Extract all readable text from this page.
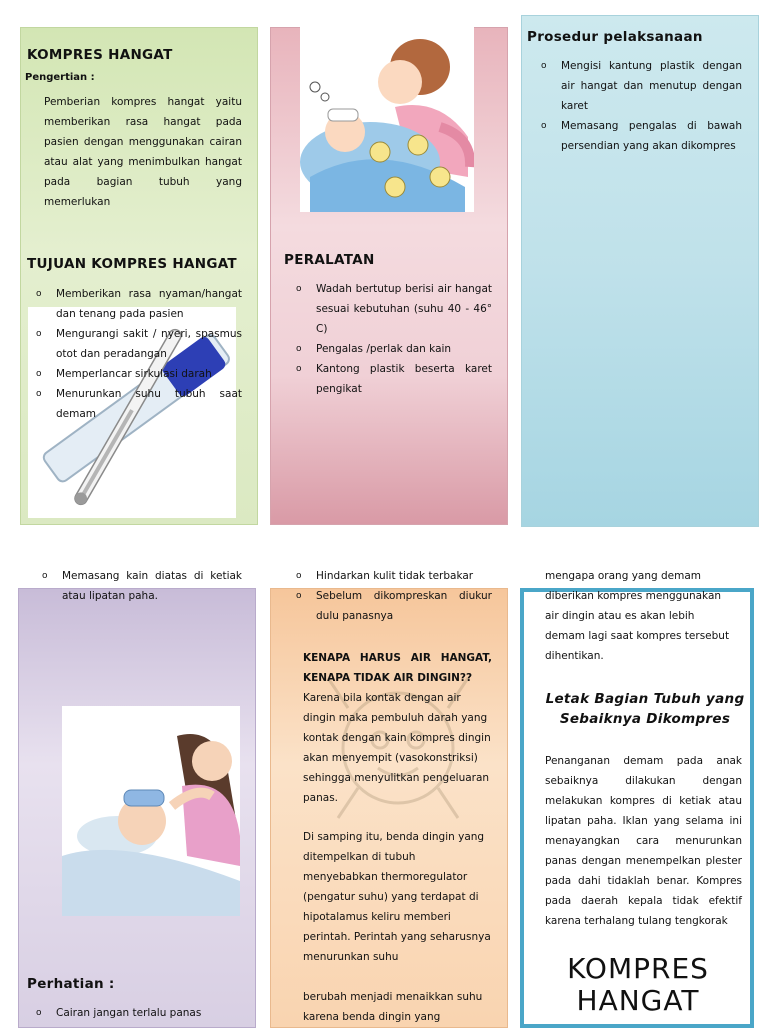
KOMPRES HANGAT
Pengertian :
Pemberian kompres hangat yaitu memberikan rasa hangat pada pasien dengan menggunakan cairan atau alat yang menimbulkan hangat pada bagian tubuh yang memerlukan
TUJUAN KOMPRES HANGAT
o Memberikan rasa nyaman/hangat dan tenang pada pasien
o Mengurangi sakit / nyeri, spasmus otot dan peradangan
o Memperlancar sirkulasi darah
o Menurunkan suhu tubuh saat demam
PERALATAN
o Wadah bertutup berisi air hangat sesuai kebutuhan (suhu 40 - 46° C)
o Pengalas /perlak dan kain
o Kantong plastik beserta karet pengikat
Prosedur pelaksanaan
o Mengisi kantung plastik dengan air hangat dan menutup dengan karet
o Memasang pengalas di bawah persendian yang akan dikompres
o Memasang kain diatas di ketiak atau lipatan paha.
Perhatian :
o Cairan jangan terlalu panas
o Hindarkan kulit tidak terbakar
o Sebelum dikompreskan diukur dulu panasnya
KENAPA HARUS AIR HANGAT, KENAPA TIDAK AIR DINGIN??
Karena bila kontak dengan air dingin maka pembuluh darah yang kontak dengan kain kompres dingin akan menyempit (vasokonstriksi) sehingga menyulitkan pengeluaran panas.
Di samping itu, benda dingin yang ditempelkan di tubuh menyebabkan thermoregulator (pengatur suhu) yang terdapat di hipotalamus keliru memberi perintah. Perintah yang seharusnya menurunkan suhu
berubah menjadi menaikkan suhu karena benda dingin yang
mengapa orang yang demam diberikan kompres menggunakan air dingin atau es akan lebih demam lagi saat kompres tersebut dihentikan.
Letak Bagian Tubuh yang Sebaiknya Dikompres
Penanganan demam pada anak sebaiknya dilakukan dengan melakukan kompres di ketiak atau lipatan paha. Iklan yang selama ini menayangkan cara menurunkan panas dengan menempelkan plester pada dahi tidaklah benar. Kompres pada daerah kepala tidak efektif karena terhalang tulang tengkorak
KOMPRES HANGAT
